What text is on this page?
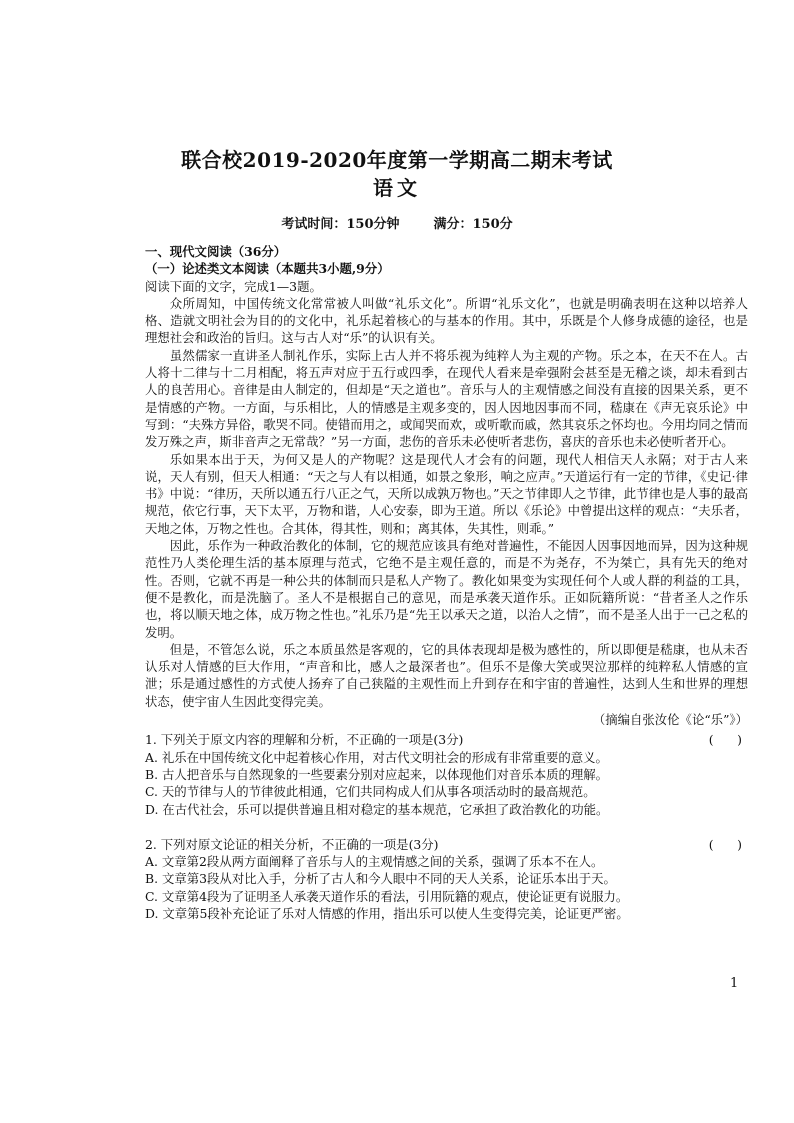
联合校2019-2020年度第一学期高二期末考试
语文
考试时间：150分钟	满分：150分

一、现代文阅读（36分）

（一）论述类文本阅读（本题共3小题,9分）

阅读下面的文字，完成1—3题。

众所周知，中国传统文化常常被人叫做“礼乐文化”。所谓“礼乐文化”，也就是明确表明在这种以培养人格、造就文明社会为目的的文化中，礼乐起着核心的与基本的作用。其中，乐既是个人修身成德的途径，也是理想社会和政治的旨归。这与古人对“乐”的认识有关。

虽然儒家一直讲圣人制礼作乐，实际上古人并不将乐视为纯粹人为主观的产物。乐之本，在天不在人。古人将十二律与十二月相配，将五声对应于五行或四季，在现代人看来是牵强附会甚至是无稽之谈，却未看到古人的良苦用心。音律是由人制定的，但却是“天之道也”。音乐与人的主观情感之间没有直接的因果关系，更不是情感的产物。一方面，与乐相比，人的情感是主观多变的，因人因地因事而不同，嵇康在《声无哀乐论》中写到：“夫殊方异俗，歌哭不同。使错而用之，或闻哭而欢，或听歌而戚，然其哀乐之怀均也。今用均同之情而发万殊之声，斯非音声之无常哉？”另一方面，悲伤的音乐未必使听者悲伤，喜庆的音乐也未必使听者开心。

乐如果本出于天，为何又是人的产物呢？这是现代人才会有的问题，现代人相信天人永隔；对于古人来说，天人有别，但天人相通：“天之与人有以相通，如景之象形，响之应声。”天道运行有一定的节律，《史记·律书》中说：“律历，天所以通五行八正之气，天所以成孰万物也。”天之节律即人之节律，此节律也是人事的最高规范，依它行事，天下太平，万物和谐，人心安泰，即为王道。所以《乐论》中曾提出这样的观点：“夫乐者，天地之体，万物之性也。合其体，得其性，则和；离其体，失其性，则乖。”

因此，乐作为一种政治教化的体制，它的规范应该具有绝对普遍性，不能因人因事因地而异，因为这种规范性乃人类伦理生活的基本原理与范式，它绝不是主观任意的，而是不为尧存，不为桀亡，具有先天的绝对性。否则，它就不再是一种公共的体制而只是私人产物了。教化如果变为实现任何个人或人群的利益的工具，便不是教化，而是洗脑了。圣人不是根据自己的意见，而是承袭天道作乐。正如阮籍所说：“昔者圣人之作乐也，将以顺天地之体，成万物之性也。”礼乐乃是“先王以承天之道，以治人之情”，而不是圣人出于一己之私的发明。

但是，不管怎么说，乐之本质虽然是客观的，它的具体表现却是极为感性的，所以即便是嵇康，也从未否认乐对人情感的巨大作用，“声音和比，感人之最深者也”。但乐不是像大笑或哭泣那样的纯粹私人情感的宣泄；乐是通过感性的方式使人扬弃了自己狭隘的主观性而上升到存在和宇宙的普遍性，达到人生和世界的理想状态，使宇宙人生因此变得完美。

（摘编自张汝伦《论“乐”》）

1. 下列关于原文内容的理解和分析，不正确的一项是(3分)	(      )

A. 礼乐在中国传统文化中起着核心作用，对古代文明社会的形成有非常重要的意义。

B. 古人把音乐与自然现象的一些要素分别对应起来，以体现他们对音乐本质的理解。

C. 天的节律与人的节律彼此相通，它们共同构成人们从事各项活动时的最高规范。

D. 在古代社会，乐可以提供普遍且相对稳定的基本规范，它承担了政治教化的功能。

2. 下列对原文论证的相关分析，不正确的一项是(3分)	(      )

A. 文章第2段从两方面阐释了音乐与人的主观情感之间的关系，强调了乐本不在人。

B. 文章第3段从对比入手，分析了古人和今人眼中不同的天人关系，论证乐本出于天。

C. 文章第4段为了证明圣人承袭天道作乐的看法，引用阮籍的观点，使论证更有说服力。

D. 文章第5段补充论证了乐对人情感的作用，指出乐可以使人生变得完美，论证更严密。

1
